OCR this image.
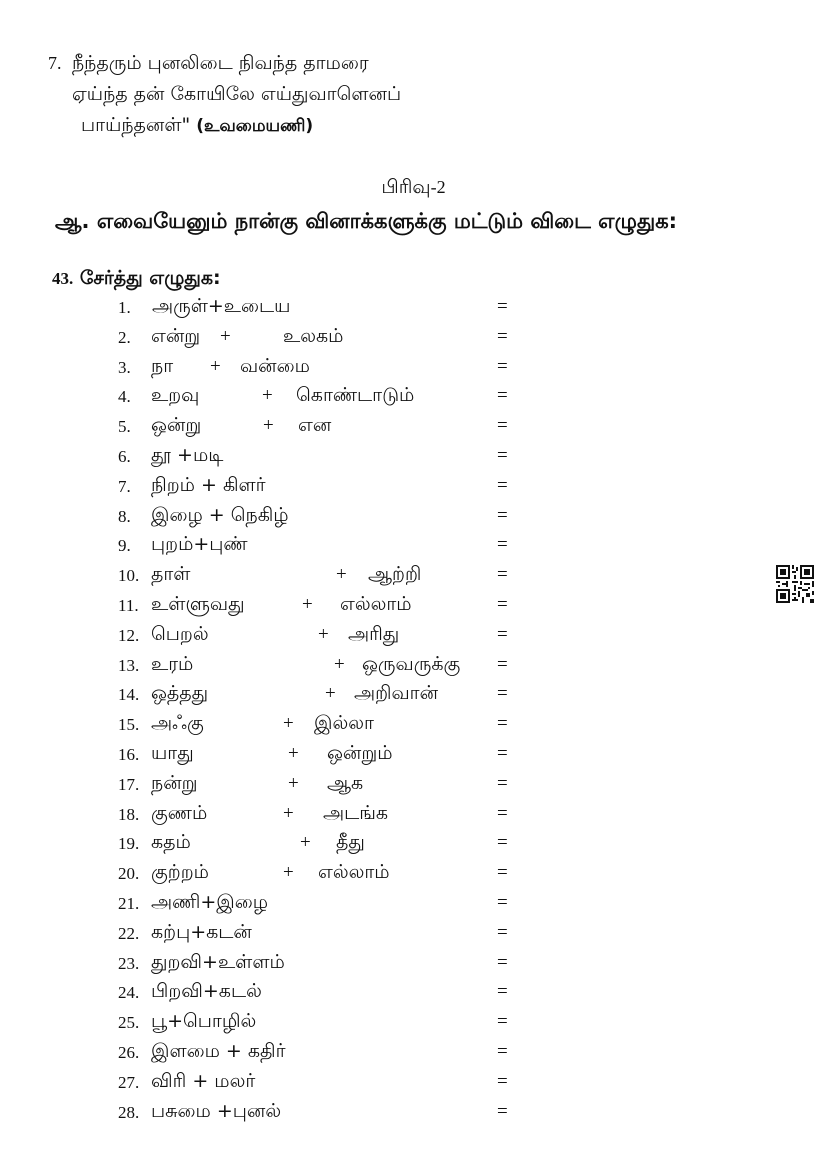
7. நீந்தரும் புனலிடை நிவந்த தாமரை
ஏய்ந்த தன் கோயிலே எய்துவாளெனப்
பாய்ந்தனள்" (உவமையணி)
பிரிவு-2
ஆ. எவையேனும் நான்கு வினாக்களுக்கு மட்டும் விடை எழுதுக:
43. சேர்த்து எழுதுக:
1. அருள்+உடைய	=
2. என்று +	உலகம்	=
3. நா + வன்மை	=
4. உறவு	+ கொண்டாடும்	=
5. ஒன்று	+ என	=
6. தூ +மடி	=
7. நிறம் + கிளர்	=
8. இழை + நெகிழ்	=
9. புறம்+புண்	=
10. தாள்	+ ஆற்றி	=
11. உள்ளுவது	+ எல்லாம்	=
12. பெறல்	+ அரிது	=
13. உரம்	+ ஒருவருக்கு =
14. ஒத்தது	+ அறிவான்	=
15. அஃகு	+ இல்லா	=
16. யாது	+ ஒன்றும்	=
17. நன்று	+ ஆக	=
18. குணம்	+ அடங்க	=
19. கதம்	+ தீது	=
20. குற்றம்	+ எல்லாம்	=
21. அணி+இழை	=
22. கற்பு+கடன்	=
23. துறவி+உள்ளம்	=
24. பிறவி+கடல்	=
25. பூ+பொழில்	=
26. இளமை + கதிர்	=
27. விரி + மலர்	=
28. பசுமை +புனல்	=
